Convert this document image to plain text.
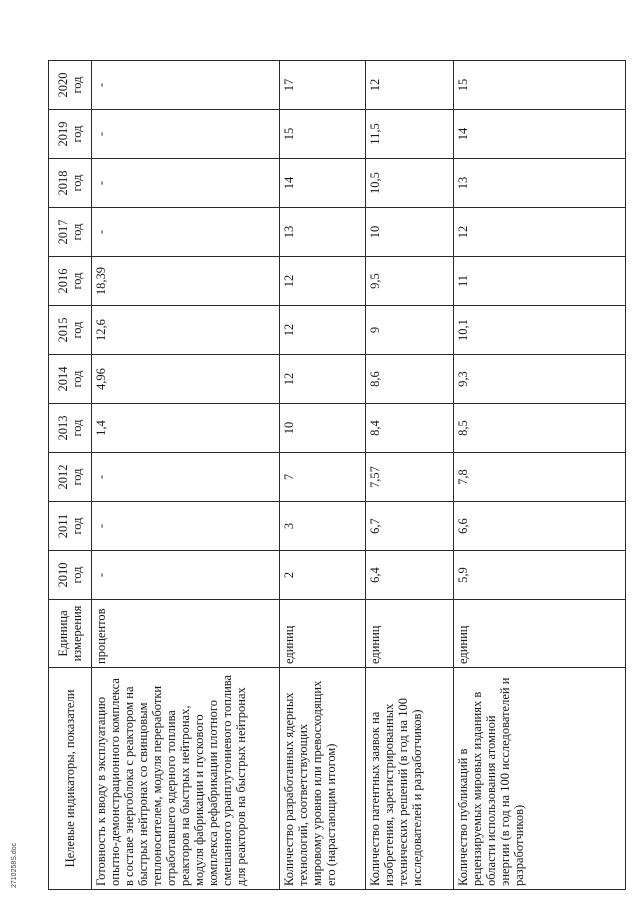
Целевые индикаторы, показатели	Единица измерения	2010 год	2011 год	2012 год	2013 год	2014 год	2015 год	2016 год	2017 год	2018 год	2019 год	2020 год

Готовность к вводу в эксплуатацию опытно-демонстрационного комплекса в составе энергоблока с реактором на быстрых нейтронах со свинцовым теплоносителем, модуля переработки отработавшего ядерного топлива реакторов на быстрых нейтронах, модуля фабрикации и пускового комплекса рефабрикации плотного смешанного уранплутониевого топлива для реакторов на быстрых нейтронах	процентов	-	-	-	1,4	4,96	12,6	18,39	-	-	-	-
Количество разработанных ядерных технологий, соответствующих мировому уровню или превосходящих его (нарастающим итогом)	единиц	2	3	7	10	12	12	12	13	14	15	17
Количество патентных заявок на изобретения, зарегистрированных технических решений (в год на 100 исследователей и разработчиков)	единиц	6,4	6,7	7,57	8,4	8,6	9	9,5	10	10,5	11,5	12
Количество публикаций в рецензируемых мировых изданиях в области использования атомной энергии (в год на 100 исследователей и разработчиков)	единиц	5,9	6,6	7,8	8,5	9,3	10,1	11	12	13	14	15
2710258S.doc
